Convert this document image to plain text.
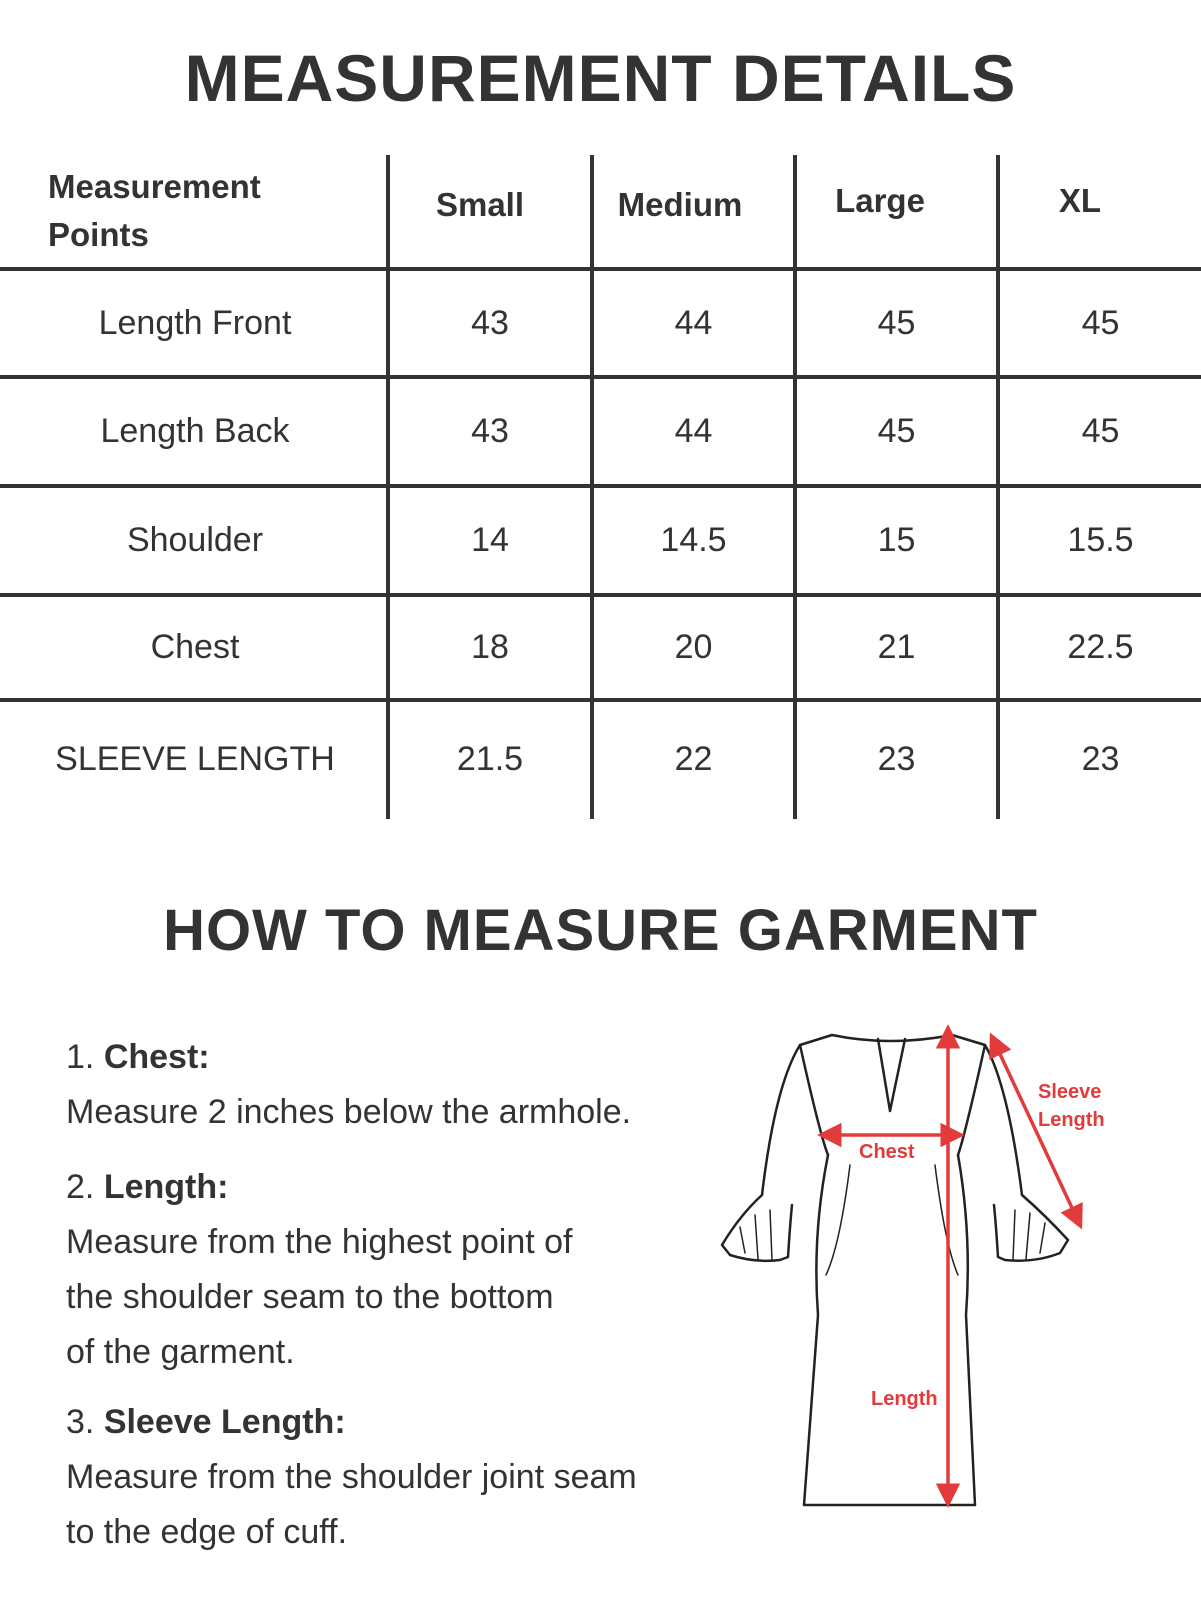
MEASUREMENT DETAILS
Measurement
Points
Small	Medium	Large	XL
Length Front	43	44	45	45
Length Back	43	44	45	45
Shoulder	14	14.5	15	15.5
Chest	18	20	21	22.5
SLEEVE LENGTH	21.5	22	23	23
HOW TO MEASURE GARMENT
1. Chest:
Measure 2 inches below the armhole.
2. Length:
Measure from the highest point of
the shoulder seam to the bottom
of the garment.
3. Sleeve Length:
Measure from the shoulder joint seam
to the edge of cuff.
Chest
Length
Sleeve
Length
